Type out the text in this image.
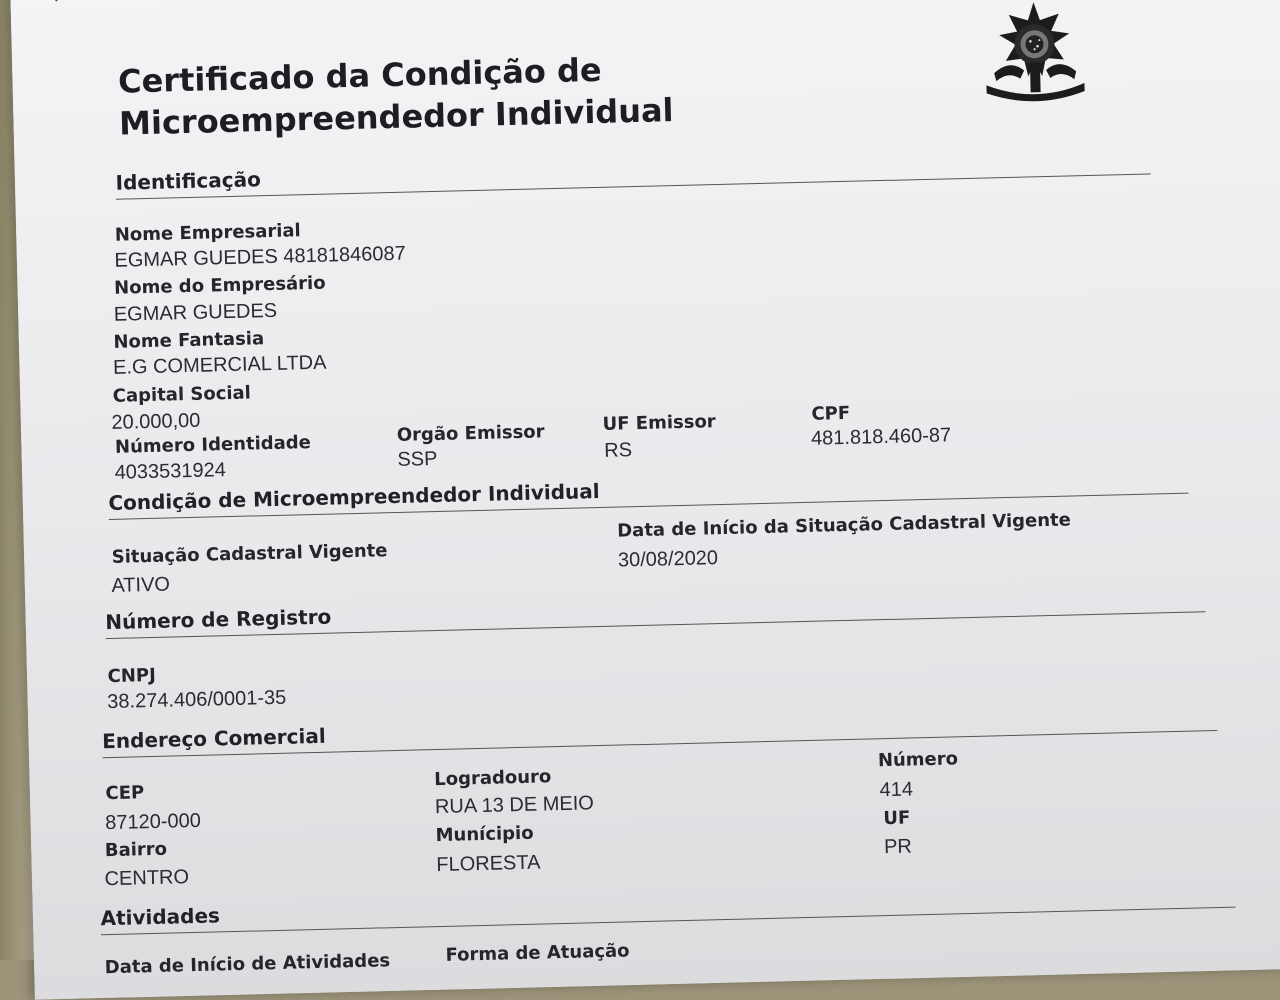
Certificado da Condição de
Microempreendedor Individual
Identificação
Nome Empresarial
EGMAR GUEDES 48181846087
Nome do Empresário
EGMAR GUEDES
Nome Fantasia
E.G COMERCIAL LTDA
Capital Social
20.000,00
Número Identidade
4033531924
Orgão Emissor
SSP
UF Emissor
RS
CPF
481.818.460-87
Condição de Microempreendedor Individual
Situação Cadastral Vigente
ATIVO
Data de Início da Situação Cadastral Vigente
30/08/2020
Número de Registro
CNPJ
38.274.406/0001-35
Endereço Comercial
CEP
87120-000
Logradouro
RUA 13 DE MEIO
Número
414
Bairro
CENTRO
Munícipio
FLORESTA
UF
PR
Atividades
Data de Início de Atividades	Forma de Atuação
